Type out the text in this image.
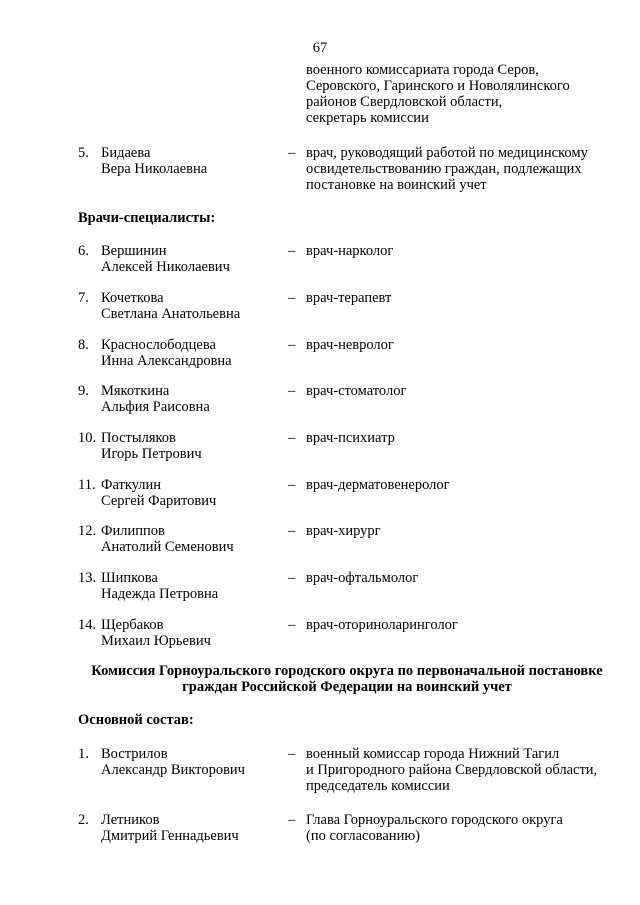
67
военного комиссариата города Серов,
Серовского, Гаринского и Новолялинского
районов Свердловской области,
секретарь комиссии
5. Бидаева
Вера Николаевна
– врач, руководящий работой по медицинскому
освидетельствованию граждан, подлежащих
постановке на воинский учет
Врачи-специалисты:
6. Вершинин
Алексей Николаевич
– врач-нарколог
7. Кочеткова
Светлана Анатольевна
– врач-терапевт
8. Краснослободцева
Инна Александровна
– врач-невролог
9. Мякоткина
Альфия Раисовна
– врач-стоматолог
10. Постыляков
Игорь Петрович
– врач-психиатр
11. Фаткулин
Сергей Фаритович
– врач-дерматовенеролог
12. Филиппов
Анатолий Семенович
– врач-хирург
13. Шипкова
Надежда Петровна
– врач-офтальмолог
14. Щербаков
Михаил Юрьевич
– врач-оториноларинголог
Комиссия Горноуральского городского округа по первоначальной постановке
граждан Российской Федерации на воинский учет
Основной состав:
1. Вострилов
Александр Викторович
– военный комиссар города Нижний Тагил
и Пригородного района Свердловской области,
председатель комиссии
2. Летников
Дмитрий Геннадьевич
– Глава Горноуральского городского округа
(по согласованию)
